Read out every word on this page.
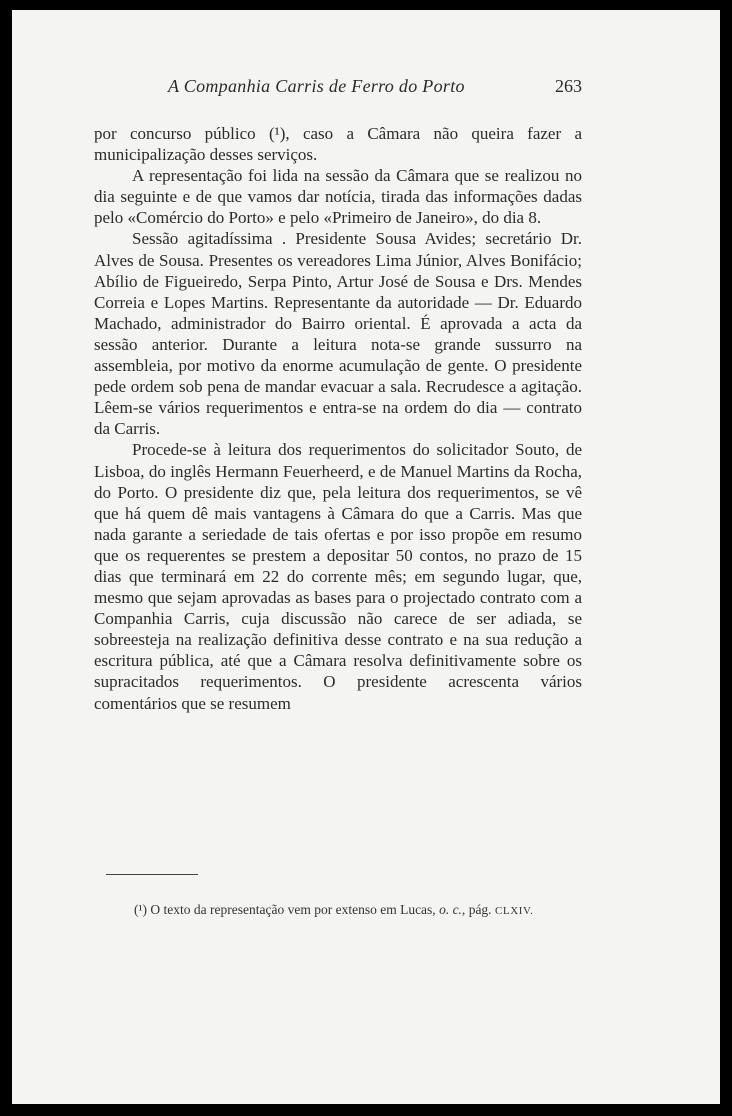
A Companhia Carris de Ferro do Porto	263

por concurso público (¹), caso a Câmara não queira fazer a municipalização desses serviços.

A representação foi lida na sessão da Câmara que se realizou no dia seguinte e de que vamos dar notícia, tirada das informações dadas pelo «Comércio do Porto» e pelo «Primeiro de Janeiro», do dia 8.

Sessão agitadíssima . Presidente Sousa Avides; secretário Dr. Alves de Sousa. Presentes os vereadores Lima Júnior, Alves Bonifácio; Abílio de Figueiredo, Serpa Pinto, Artur José de Sousa e Drs. Mendes Correia e Lopes Martins. Representante da autoridade — Dr. Eduardo Machado, administrador do Bairro oriental. É aprovada a acta da sessão anterior. Durante a leitura nota-se grande sussurro na assembleia, por motivo da enorme acumulação de gente. O presidente pede ordem sob pena de mandar evacuar a sala. Recrudesce a agitação. Lêem-se vários requerimentos e entra-se na ordem do dia — contrato da Carris.

Procede-se à leitura dos requerimentos do solicitador Souto, de Lisboa, do inglês Hermann Feuerheerd, e de Manuel Martins da Rocha, do Porto. O presidente diz que, pela leitura dos requerimentos, se vê que há quem dê mais vantagens à Câmara do que a Carris. Mas que nada garante a seriedade de tais ofertas e por isso propõe em resumo que os requerentes se prestem a depositar 50 contos, no prazo de 15 dias que terminará em 22 do corrente mês; em segundo lugar, que, mesmo que sejam aprovadas as bases para o projectado contrato com a Companhia Carris, cuja discussão não carece de ser adiada, se sobreesteja na realização definitiva desse contrato e na sua redução a escritura pública, até que a Câmara resolva definitivamente sobre os supracitados requerimentos. O presidente acrescenta vários comentários que se resumem

(¹) O texto da representação vem por extenso em Lucas, o. c., pág. CLXIV.
